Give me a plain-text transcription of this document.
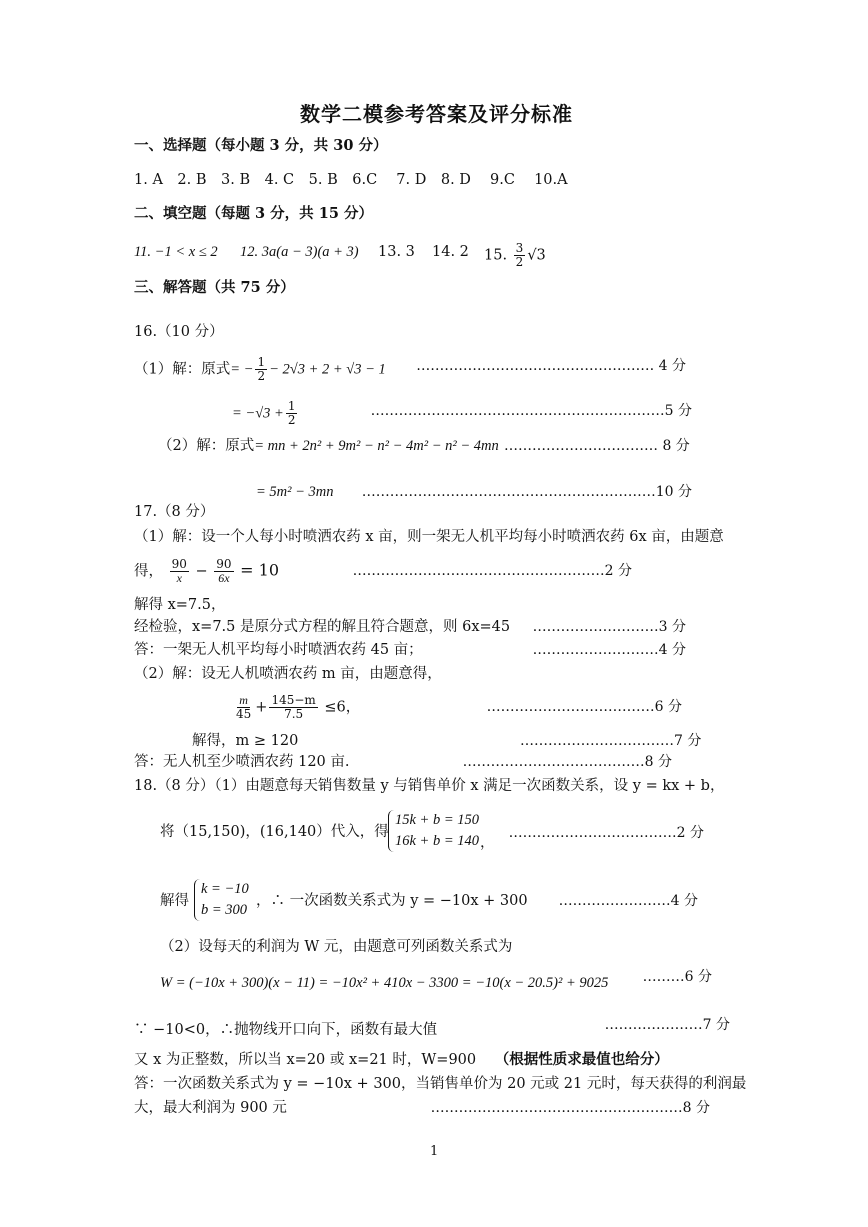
数学二模参考答案及评分标准
一、选择题（每小题 3 分，共 30 分）
1. A　2. B　3. B　4. C　5. B　6.C　 7. D　8. D　 9.C　 10.A
二、填空题（每题 3 分，共 15 分）
11. −1 < x ≤ 2 12. 3a(a − 3)(a + 3) 13. 3 14. 2 15. $\frac{3}{2} √3$
三、解答题（共 75 分）
16.（10 分）
（1）解：原式= − $\frac{1}{2} - 2√3 + 2 + √3 - 1$	…………………………………………… 4 分
= $-√3 + \frac{1}{2}$	………………………………………………………5 分
（2）解：原式= mn + 2n² + 9m² − n² − 4m² − n² − 4mn …………………………… 8 分
= 5m² − 3mn	………………………………………………………10 分
17.（8 分）
（1）解：设一个人每小时喷洒农药 x 亩，则一架无人机平均每小时喷洒农药 6x 亩，由题意
得， $\frac{90}{x} - \frac{90}{6x} = 10$	………………………………………………2 分
解得 x=7.5，
经检验，x=7.5 是原分式方程的解且符合题意，则 6x=45	………………………3 分
答：一架无人机平均每小时喷洒农药 45 亩；	………………………4 分
（2）解：设无人机喷洒农药 m 亩，由题意得，
$\frac{m}{45} + \frac{145-m}{7.5} \le 6$，	………………………………6 分
解得，m ≥ 120	……………………………7 分
答：无人机至少喷洒农药 120 亩.	…………………………………8 分
18.（8 分）（1）由题意每天销售数量 y 与销售单价 x 满足一次函数关系，设 y = kx + b，
将（15,150)，(16,140）代入，得
15k + b = 150
16k + b = 140 ，
………………………………2 分
解得
k = −10
b = 300
，∴ 一次函数关系式为 y = −10x + 300	……………………4 分
（2）设每天的利润为 W 元，由题意可列函数关系式为
W = (−10x + 300)(x − 11) = −10x² + 410x − 3300 = −10(x − 20.5)² + 9025	………6 分
∵ −10<0，∴抛物线开口向下，函数有最大值	…………………7 分
又 x 为正整数，所以当 x=20 或 x=21 时，W=900 （根据性质求最值也给分）
答：一次函数关系式为 y = −10x + 300，当销售单价为 20 元或 21 元时，每天获得的利润最
大，最大利润为 900 元	………………………………………………8 分
1
